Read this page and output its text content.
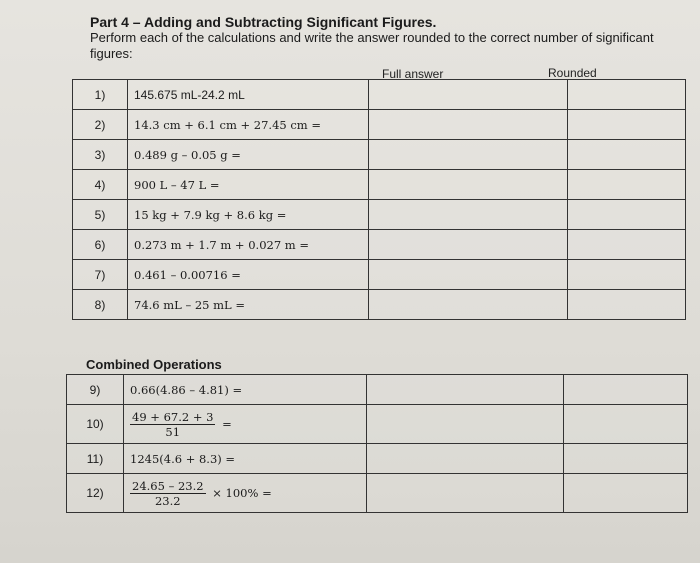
Part 4 – Adding and Subtracting Significant Figures.
Perform each of the calculations and write the answer rounded to the correct number of significant figures:
Full answer	Rounded
1)	145.675 mL-24.2 mL		
2)	14.3 cm + 6.1 cm + 27.45 cm =		
3)	0.489 g – 0.05 g =		
4)	900 L – 47 L =		
5)	15 kg + 7.9 kg + 8.6 kg =		
6)	0.273 m + 1.7 m + 0.027 m =		
7)	0.461 – 0.00716 =		
8)	74.6 mL – 25 mL =		
Combined Operations
9)	0.66(4.86 – 4.81) =		
10)	$\frac{49 + 67.2 + 3}{51}$ =		
11)	1245(4.6 + 8.3) =		
12)	$\frac{24.65 - 23.2}{23.2} \times 100\%$ =		
